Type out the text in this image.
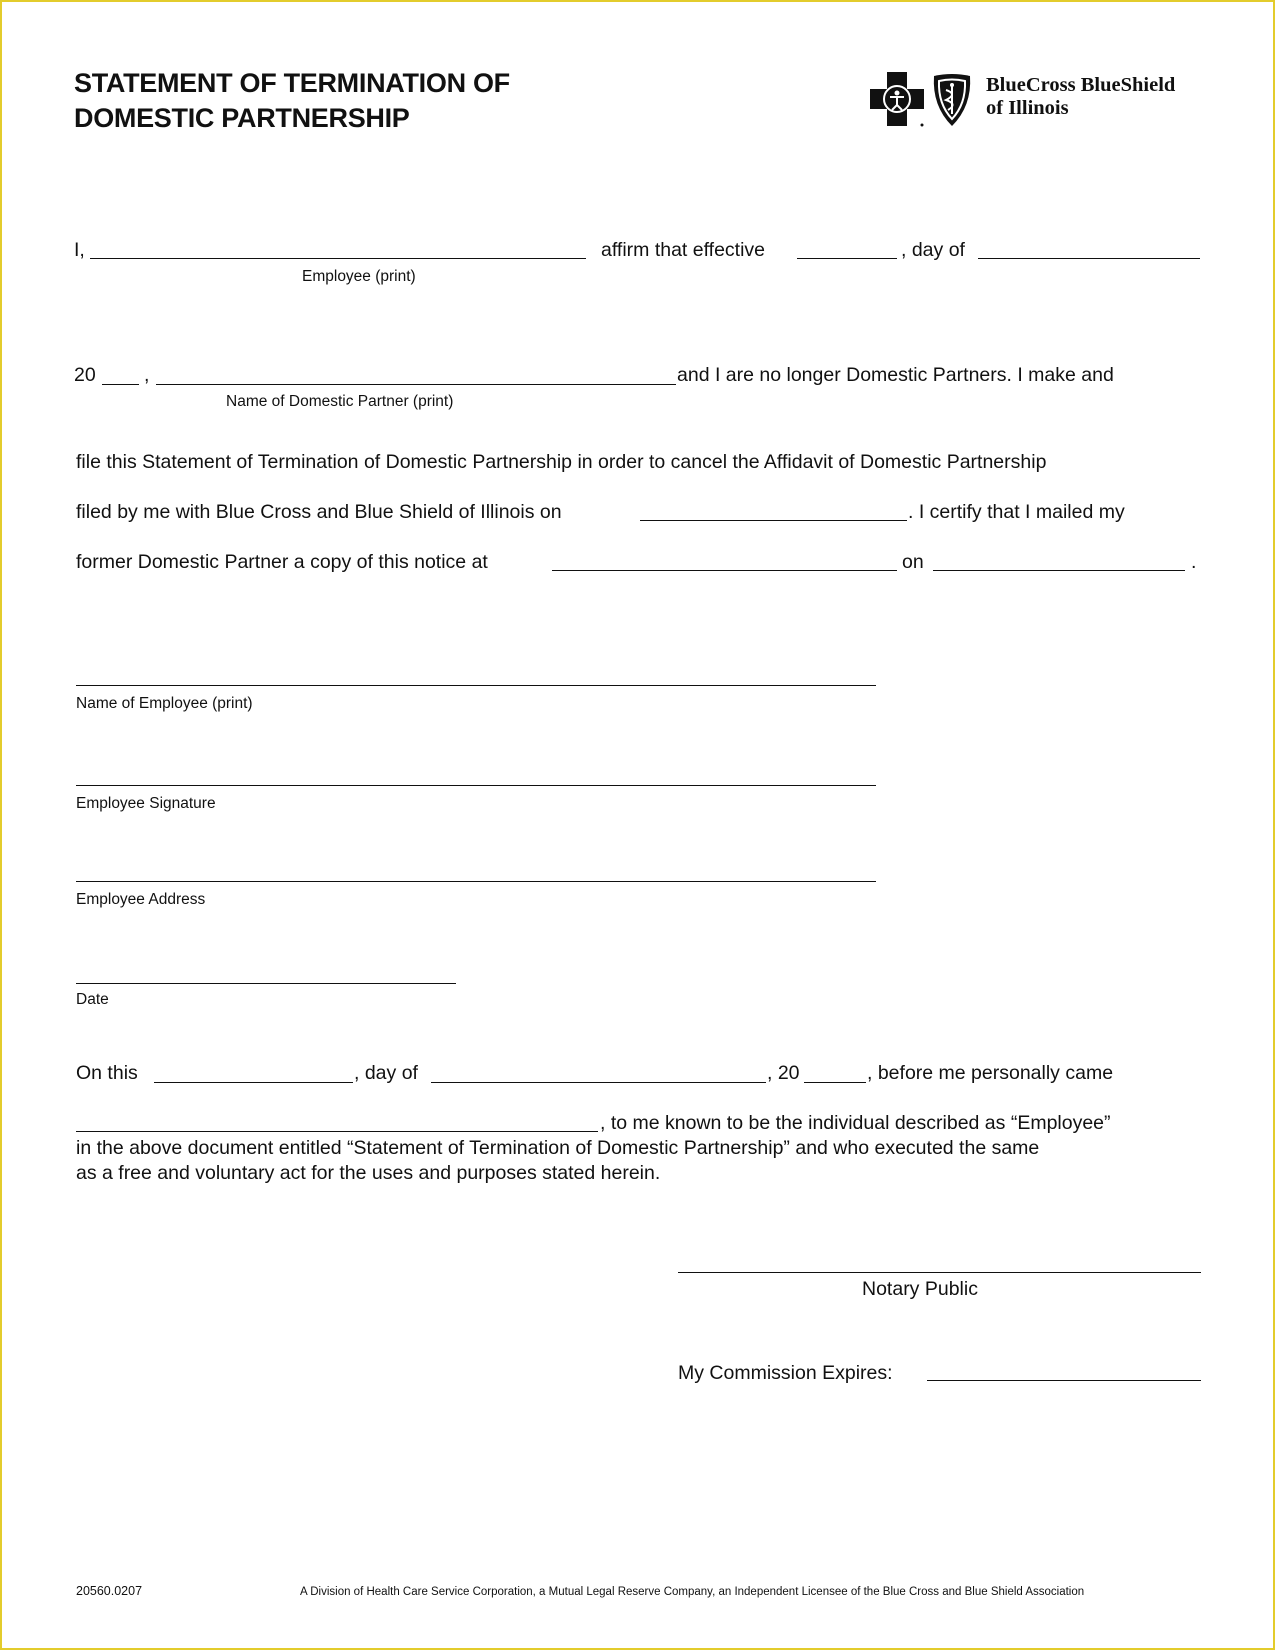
STATEMENT OF TERMINATION OF
DOMESTIC PARTNERSHIP
BlueCross BlueShield
of Illinois
I,	affirm that effective	, day of
Employee (print)
20 ,	and I are no longer Domestic Partners. I make and
Name of Domestic Partner (print)
file this Statement of Termination of Domestic Partnership in order to cancel the Affidavit of Domestic Partnership
filed by me with Blue Cross and Blue Shield of Illinois on	. I certify that I mailed my
former Domestic Partner a copy of this notice at	on	.
Name of Employee (print)
Employee Signature
Employee Address
Date
On this	, day of	, 20	, before me personally came
, to me known to be the individual described as “Employee”
in the above document entitled “Statement of Termination of Domestic Partnership” and who executed the same
as a free and voluntary act for the uses and purposes stated herein.
Notary Public
My Commission Expires:
20560.0207	A Division of Health Care Service Corporation, a Mutual Legal Reserve Company, an Independent Licensee of the Blue Cross and Blue Shield Association
